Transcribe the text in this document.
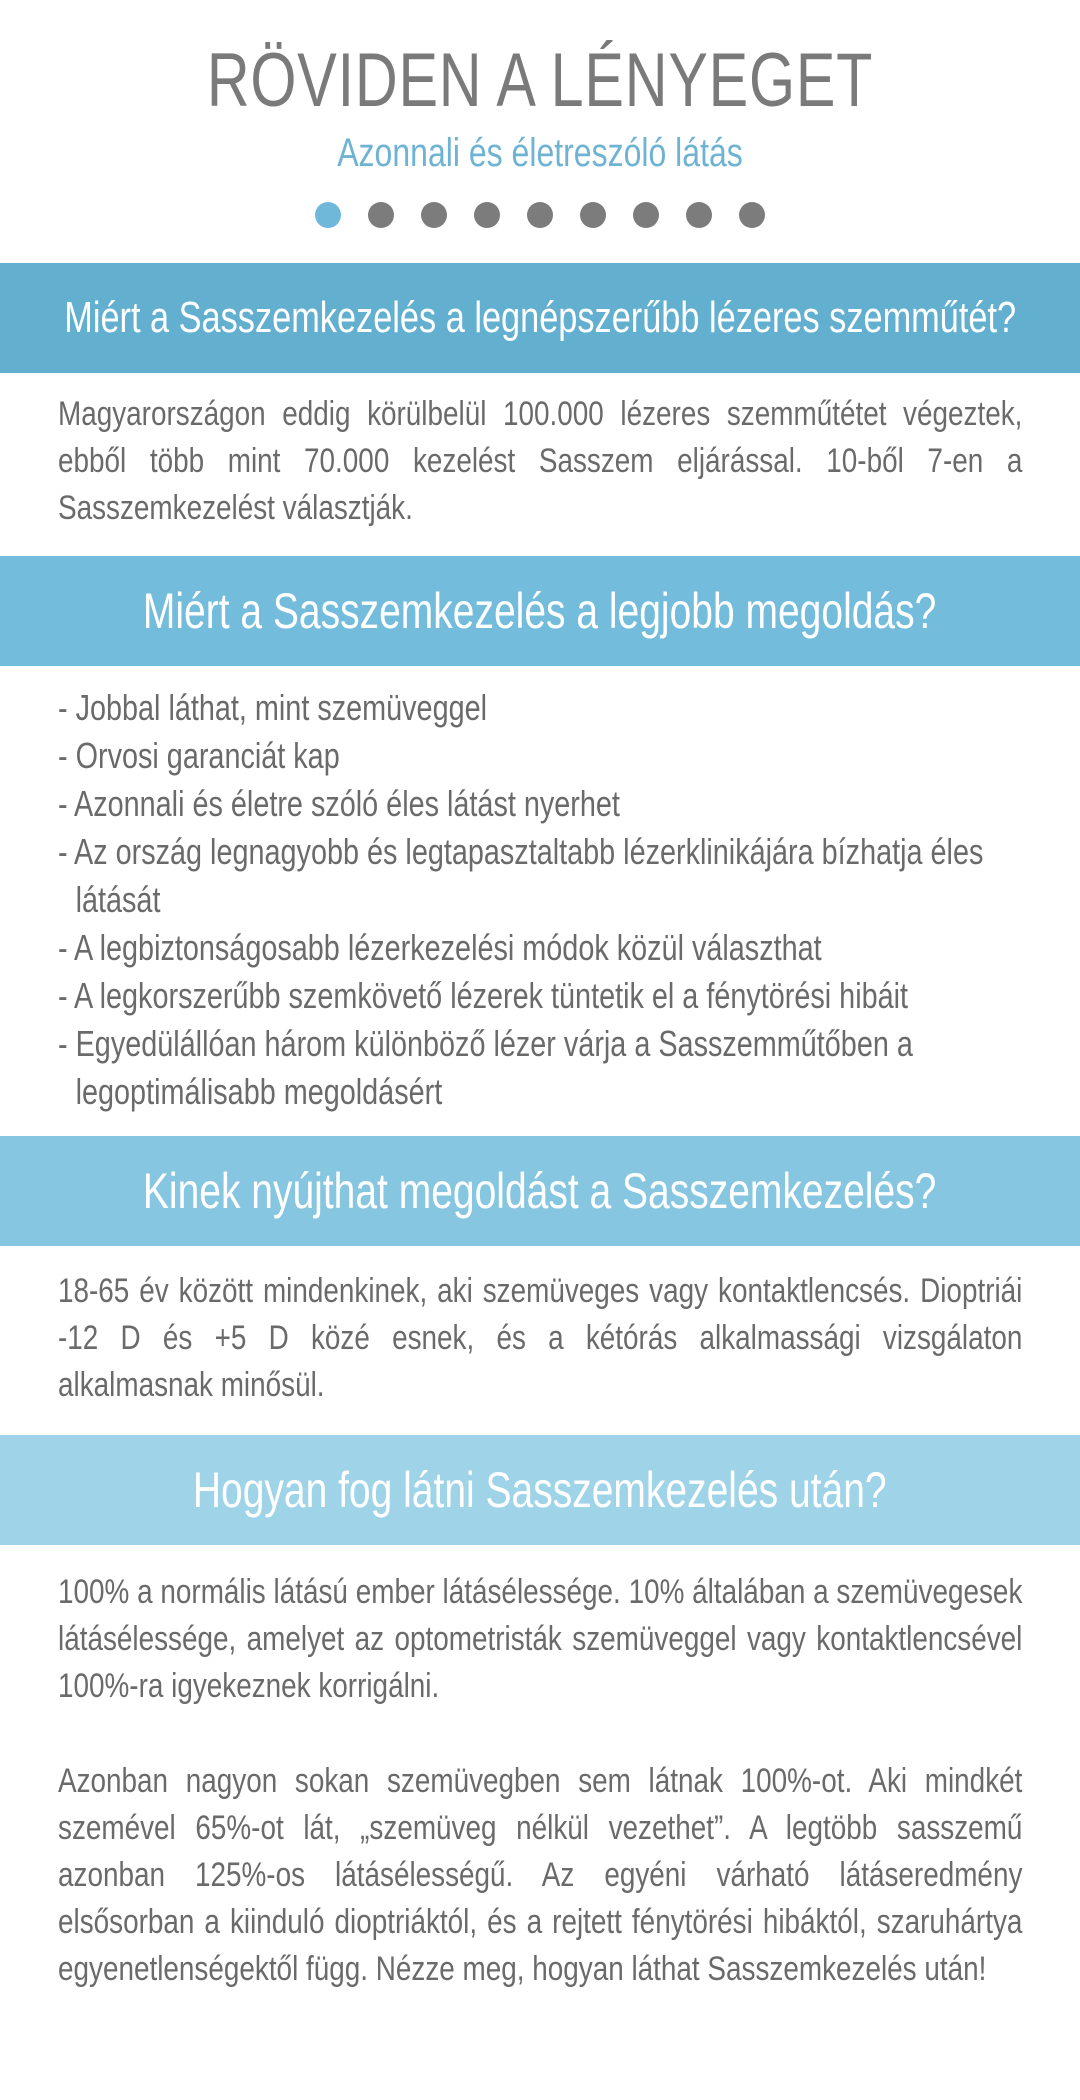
RÖVIDEN A LÉNYEGET
Azonnali és életreszóló látás
Miért a Sasszemkezelés a legnépszerűbb lézeres szemműtét?
Magyarországon eddig körülbelül 100.000 lézeres szemműtétet végeztek, ebből több mint 70.000 kezelést Sasszem eljárással. 10-ből 7-en a Sasszemkezelést választják.
Miért a Sasszemkezelés a legjobb megoldás?
- Jobbal láthat, mint szemüveggel
- Orvosi garanciát kap
- Azonnali és életre szóló éles látást nyerhet
- Az ország legnagyobb és legtapasztaltabb lézerklinikájára bízhatja éles látását
- A legbiztonságosabb lézerkezelési módok közül választhat
- A legkorszerűbb szemkövető lézerek tüntetik el a fénytörési hibáit
- Egyedülállóan három különböző lézer várja a Sasszemműtőben a legoptimálisabb megoldásért
Kinek nyújthat megoldást a Sasszemkezelés?
18-65 év között mindenkinek, aki szemüveges vagy kontaktlencsés. Dioptriái -12 D és +5 D közé esnek, és a kétórás alkalmassági vizsgálaton alkalmasnak minősül.
Hogyan fog látni Sasszemkezelés után?
100% a normális látású ember látásélessége. 10% általában a szemüvegesek látásélessége, amelyet az optometristák szemüveggel vagy kontaktlencsével 100%-ra igyekeznek korrigálni.
Azonban nagyon sokan szemüvegben sem látnak 100%-ot. Aki mindkét szemével 65%-ot lát, „szemüveg nélkül vezethet”. A legtöbb sasszemű azonban 125%-os látásélességű. Az egyéni várható látáseredmény elsősorban a kiinduló dioptriáktól, és a rejtett fénytörési hibáktól, szaruhártya egyenetlenségektől függ. Nézze meg, hogyan láthat Sasszemkezelés után!
